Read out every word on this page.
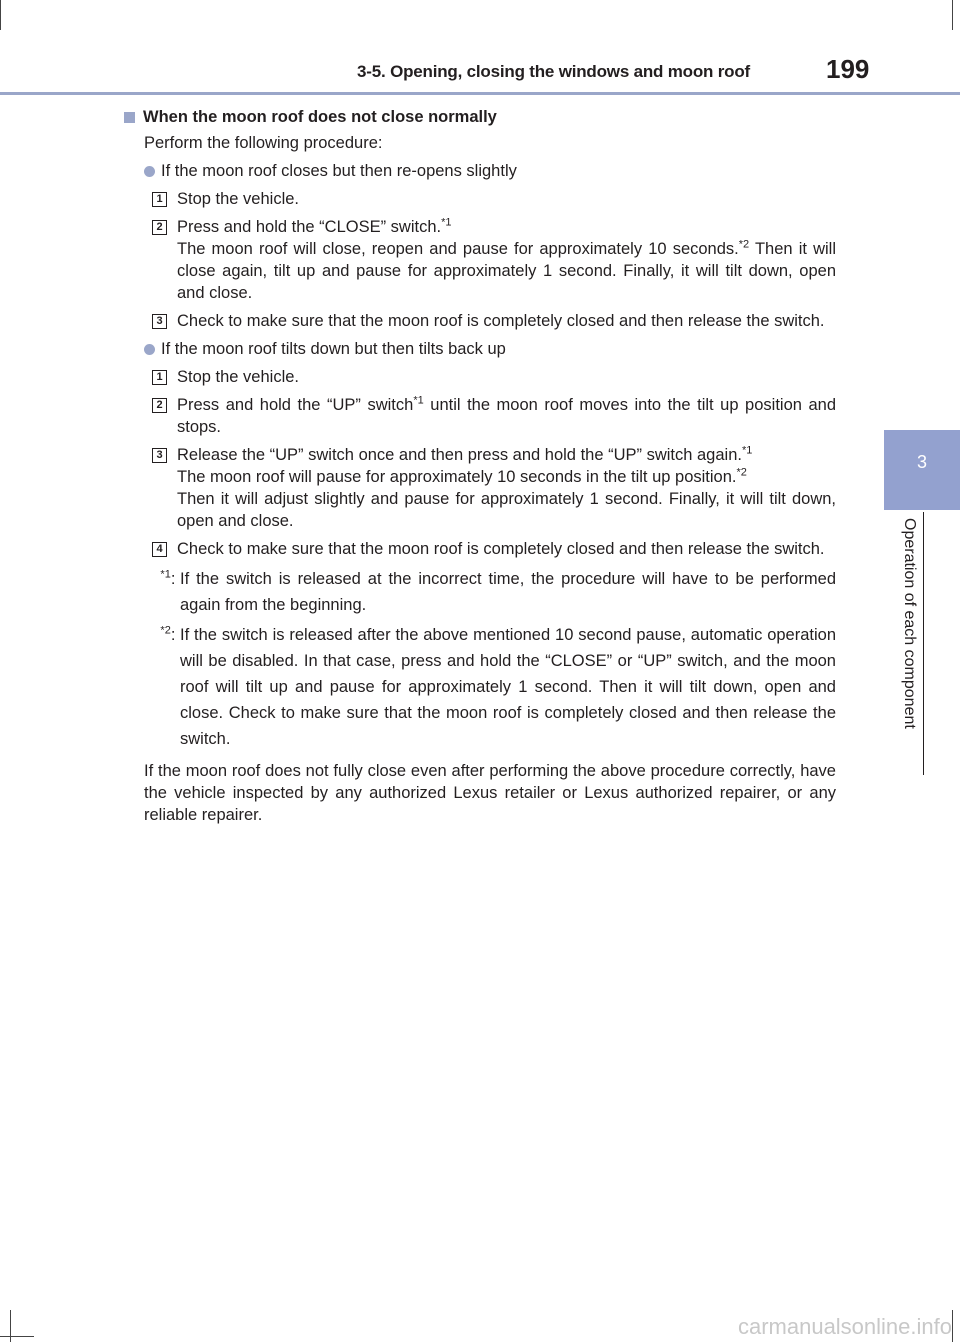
3-5. Opening, closing the windows and moon roof	199
3
Operation of each component
When the moon roof does not close normally
Perform the following procedure:
If the moon roof closes but then re-opens slightly
1 Stop the vehicle.
2 Press and hold the “CLOSE” switch.$^{*1}$
The moon roof will close, reopen and pause for approximately 10 seconds.$^{*2}$ Then it will close again, tilt up and pause for approximately 1 second. Finally, it will tilt down, open and close.
3 Check to make sure that the moon roof is completely closed and then release the switch.
If the moon roof tilts down but then tilts back up
1 Stop the vehicle.
2 Press and hold the “UP” switch$^{*1}$ until the moon roof moves into the tilt up position and stops.
3 Release the “UP” switch once and then press and hold the “UP” switch again.$^{*1}$
The moon roof will pause for approximately 10 seconds in the tilt up position.$^{*2}$
Then it will adjust slightly and pause for approximately 1 second. Finally, it will tilt down, open and close.
4 Check to make sure that the moon roof is completely closed and then release the switch.
$^{*1}$: If the switch is released at the incorrect time, the procedure will have to be performed again from the beginning.
$^{*2}$: If the switch is released after the above mentioned 10 second pause, automatic operation will be disabled. In that case, press and hold the “CLOSE” or “UP” switch, and the moon roof will tilt up and pause for approximately 1 second. Then it will tilt down, open and close. Check to make sure that the moon roof is completely closed and then release the switch.
If the moon roof does not fully close even after performing the above procedure correctly, have the vehicle inspected by any authorized Lexus retailer or Lexus authorized repairer, or any reliable repairer.
carmanualsonline.info
